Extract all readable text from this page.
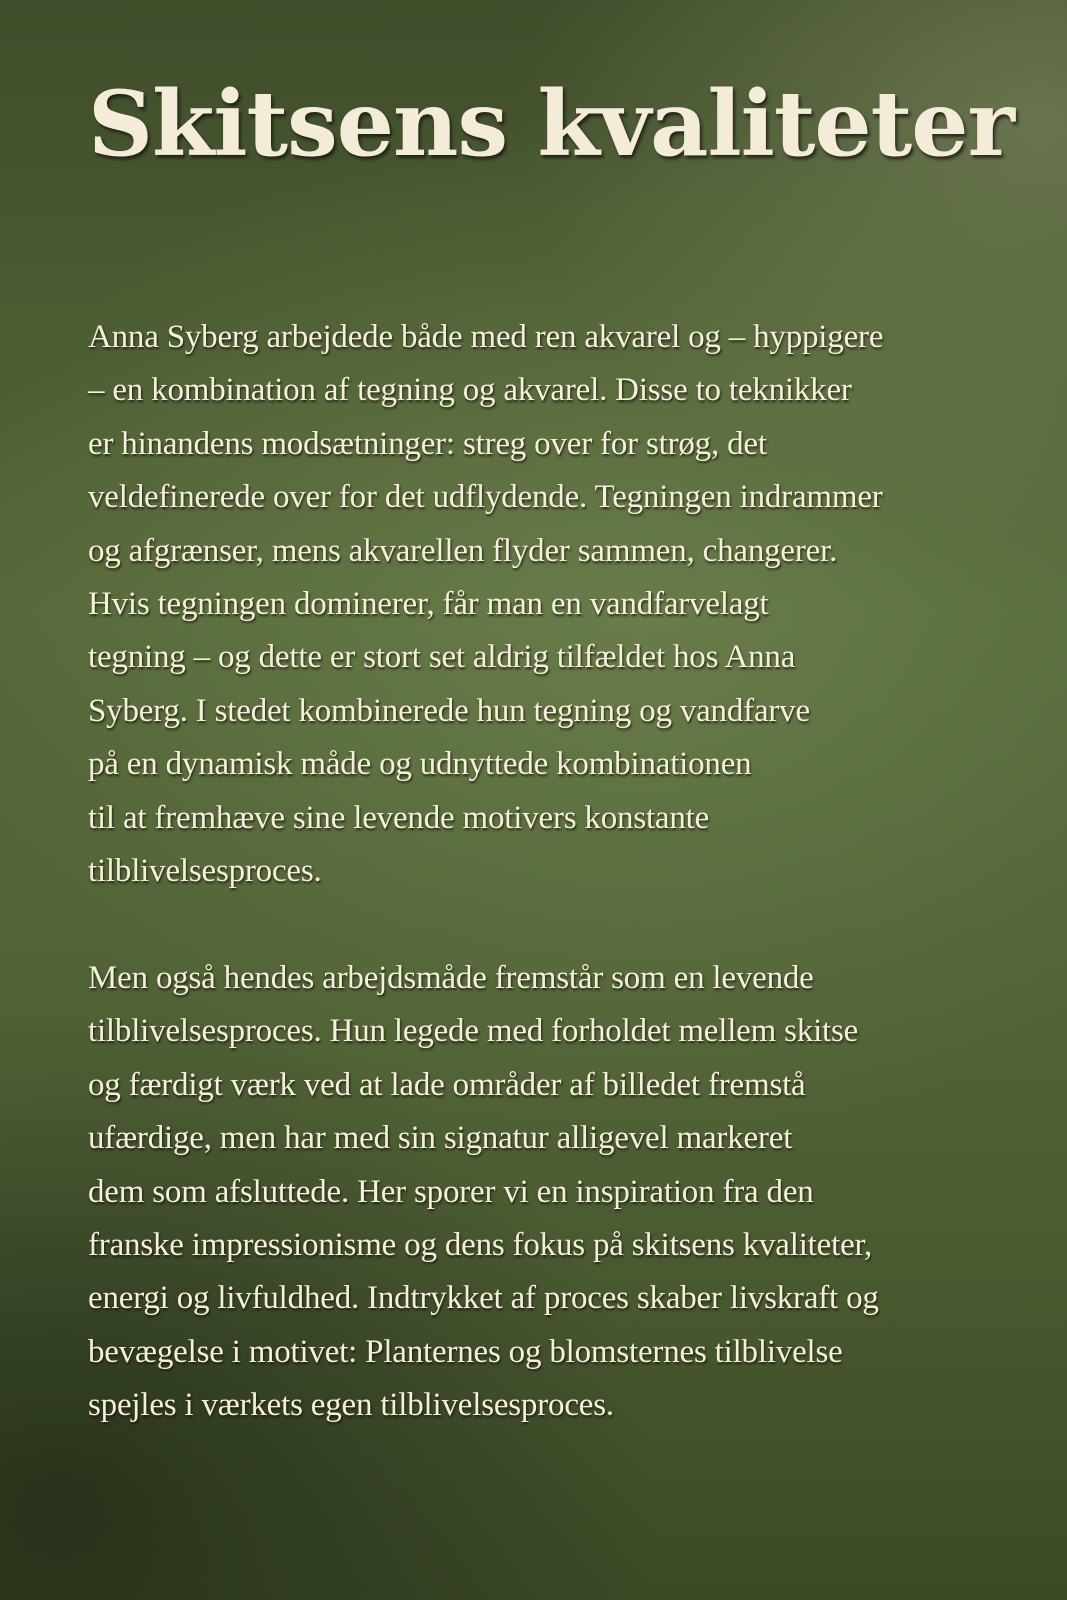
Skitsens kvaliteter
Anna Syberg arbejdede både med ren akvarel og – hyppigere
– en kombination af tegning og akvarel. Disse to teknikker
er hinandens modsætninger: streg over for strøg, det
veldefinerede over for det udflydende. Tegningen indrammer
og afgrænser, mens akvarellen flyder sammen, changerer.
Hvis tegningen dominerer, får man en vandfarvelagt
tegning – og dette er stort set aldrig tilfældet hos Anna
Syberg. I stedet kombinerede hun tegning og vandfarve
på en dynamisk måde og udnyttede kombinationen
til at fremhæve sine levende motivers konstante
tilblivelsesproces.
Men også hendes arbejdsmåde fremstår som en levende
tilblivelsesproces. Hun legede med forholdet mellem skitse
og færdigt værk ved at lade områder af billedet fremstå
ufærdige, men har med sin signatur alligevel markeret
dem som afsluttede. Her sporer vi en inspiration fra den
franske impressionisme og dens fokus på skitsens kvaliteter,
energi og livfuldhed. Indtrykket af proces skaber livskraft og
bevægelse i motivet: Planternes og blomsternes tilblivelse
spejles i værkets egen tilblivelsesproces.
